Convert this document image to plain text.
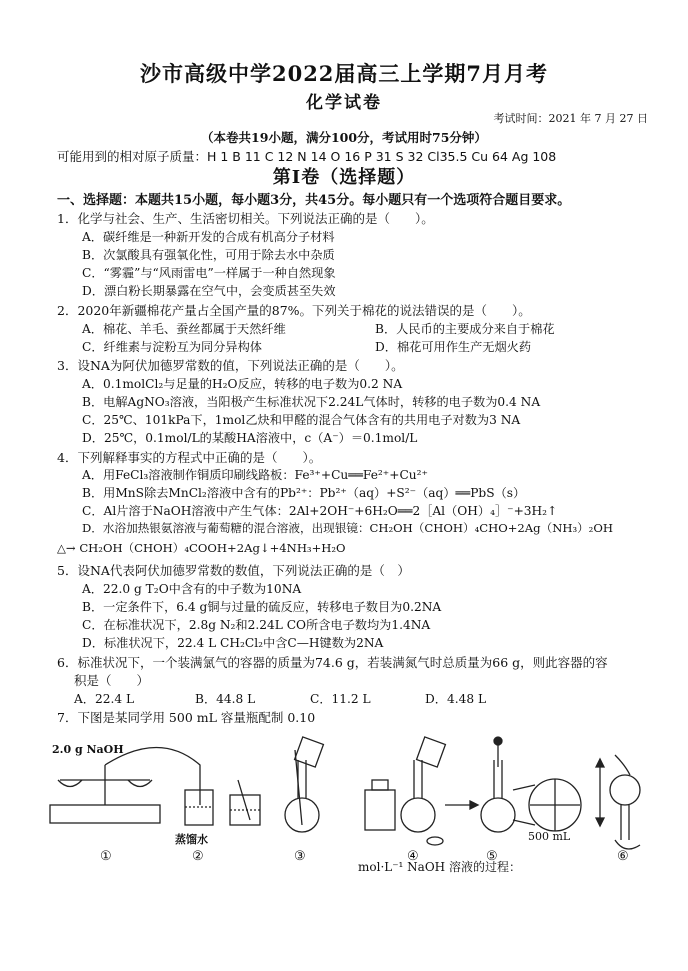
沙市高级中学2022届高三上学期7月月考
化学试卷
考试时间：2021 年 7 月 27 日
（本卷共19小题，满分100分，考试用时75分钟）
可能用到的相对原子质量：H 1 B 11 C 12 N 14 O 16 P 31 S 32 Cl35.5 Cu 64 Ag 108
第Ⅰ卷（选择题）
一、选择题：本题共15小题，每小题3分，共45分。每小题只有一个选项符合题目要求。
1．化学与社会、生产、生活密切相关。下列说法正确的是（　　）。
A．碳纤维是一种新开发的合成有机高分子材料
B．次氯酸具有强氧化性，可用于除去水中杂质
C．“雾霾”与“风雨雷电”一样属于一种自然现象
D．漂白粉长期暴露在空气中，会变质甚至失效
2．2020年新疆棉花产量占全国产量的87%。下列关于棉花的说法错误的是（　　）。
A．棉花、羊毛、蚕丝都属于天然纤维	B．人民币的主要成分来自于棉花
C．纤维素与淀粉互为同分异构体	D．棉花可用作生产无烟火药
3．设NA为阿伏加德罗常数的值，下列说法正确的是（　　）。
A．0.1molCl₂与足量的H₂O反应，转移的电子数为0.2 NA
B．电解AgNO₃溶液，当阳极产生标准状况下2.24L气体时，转移的电子数为0.4 NA
C．25℃、101kPa下，1mol乙炔和甲醛的混合气体含有的共用电子对数为3 NA
D．25℃，0.1mol/L的某酸HA溶液中，c（A⁻）＝0.1mol/L
4．下列解释事实的方程式中正确的是（　　）。
A．用FeCl₃溶液制作铜质印刷线路板：Fe³⁺+Cu══Fe²⁺+Cu²⁺
B．用MnS除去MnCl₂溶液中含有的Pb²⁺：Pb²⁺（aq）+S²⁻（aq）══PbS（s）
C．Al片溶于NaOH溶液中产生气体：2Al+2OH⁻+6H₂O══2［Al（OH）₄］⁻+3H₂↑
D．水浴加热银氨溶液与葡萄糖的混合溶液，出现银镜：CH₂OH（CHOH）₄CHO+2Ag（NH₃）₂OH
△→ CH₂OH（CHOH）₄COOH+2Ag↓+4NH₃+H₂O
5．设NA代表阿伏加德罗常数的数值，下列说法正确的是（　）
A．22.0 g T₂O中含有的中子数为10NA
B．一定条件下，6.4 g铜与过量的硫反应，转移电子数目为0.2NA
C．在标准状况下，2.8g N₂和2.24L CO所含电子数均为1.4NA
D．标准状况下，22.4 L CH₂Cl₂中含C—H键数为2NA
6．标准状况下，一个装满氯气的容器的质量为74.6 g，若装满氮气时总质量为66 g，则此容器的容
积是（　　）
A．22.4 L	B．44.8 L	C．11.2 L	D．4.48 L
7．下图是某同学用 500 mL 容量瓶配制 0.10
2.0 g NaOH
蒸馏水	500 mL
①	②	③	④	⑤	⑥
mol·L⁻¹ NaOH 溶液的过程：
